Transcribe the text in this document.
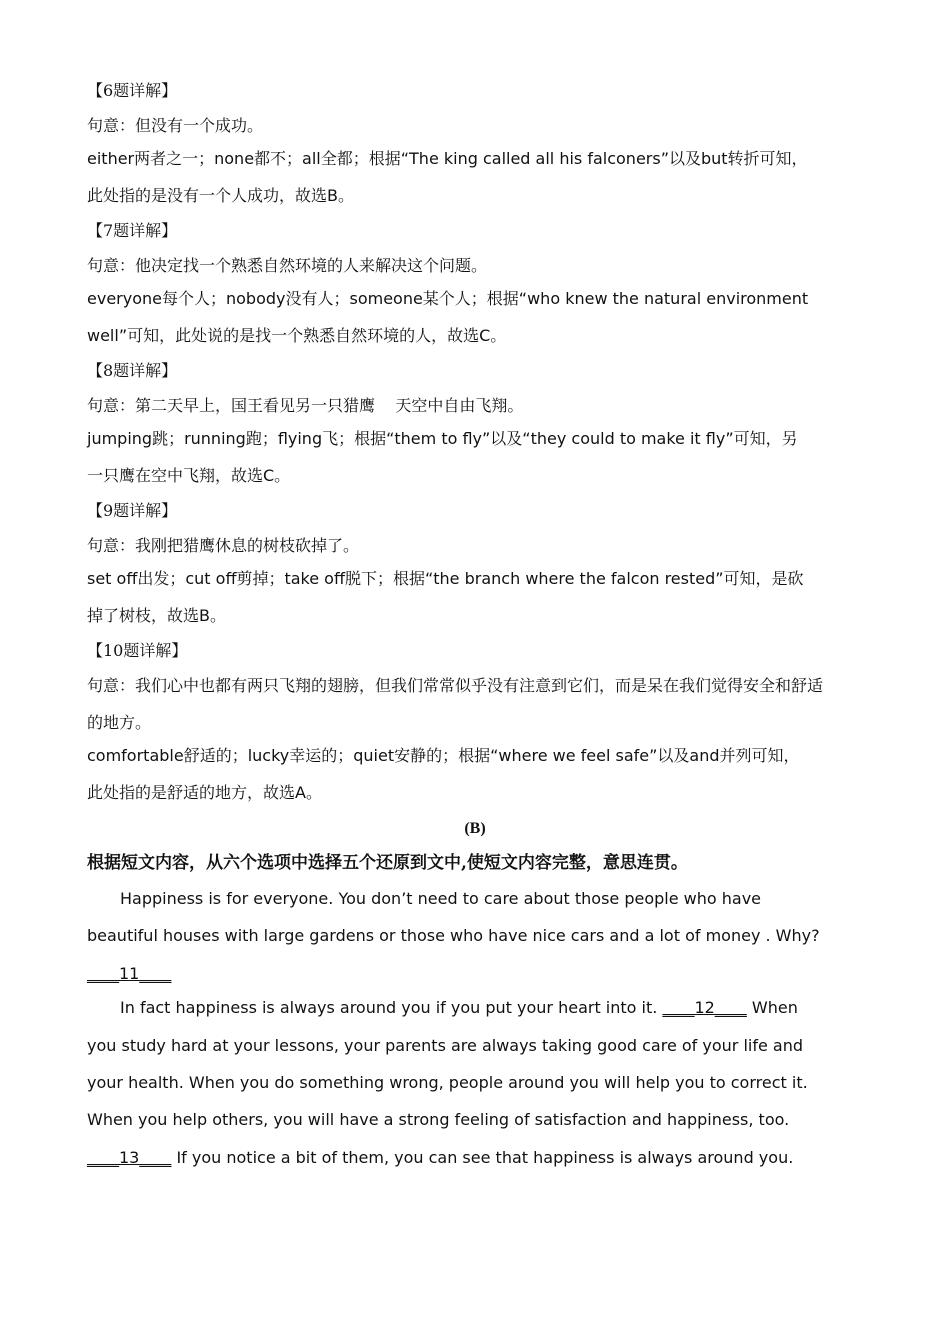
【6题详解】
句意：但没有一个成功。
either两者之一；none都不；all全都；根据“The king called all his falconers”以及but转折可知，
此处指的是没有一个人成功，故选B。
【7题详解】
句意：他决定找一个熟悉自然环境的人来解决这个问题。
everyone每个人；nobody没有人；someone某个人；根据“who knew the natural environment
well”可知，此处说的是找一个熟悉自然环境的人，故选C。
【8题详解】
句意：第二天早上，国王看见另一只猎鹰    天空中自由飞翔。
jumping跳；running跑；flying飞；根据“them to fly”以及“they could to make it fly”可知，另
一只鹰在空中飞翔，故选C。
【9题详解】
句意：我刚把猎鹰休息的树枝砍掉了。
set off出发；cut off剪掉；take off脱下；根据“the branch where the falcon rested”可知，是砍
掉了树枝，故选B。
【10题详解】
句意：我们心中也都有两只飞翔的翅膀，但我们常常似乎没有注意到它们，而是呆在我们觉得安全和舒适
的地方。
comfortable舒适的；lucky幸运的；quiet安静的；根据“where we feel safe”以及and并列可知，
此处指的是舒适的地方，故选A。
(B)
根据短文内容，从六个选项中选择五个还原到文中,使短文内容完整，意思连贯。
Happiness is for everyone. You don’t need to care about those people who have
beautiful houses with large gardens or those who have nice cars and a lot of money . Why?
____11____
In fact happiness is always around you if you put your heart into it. ____12____ When
you study hard at your lessons, your parents are always taking good care of your life and
your health. When you do something wrong, people around you will help you to correct it.
When you help others, you will have a strong feeling of satisfaction and happiness, too.
____13____ If you notice a bit of them, you can see that happiness is always around you.
